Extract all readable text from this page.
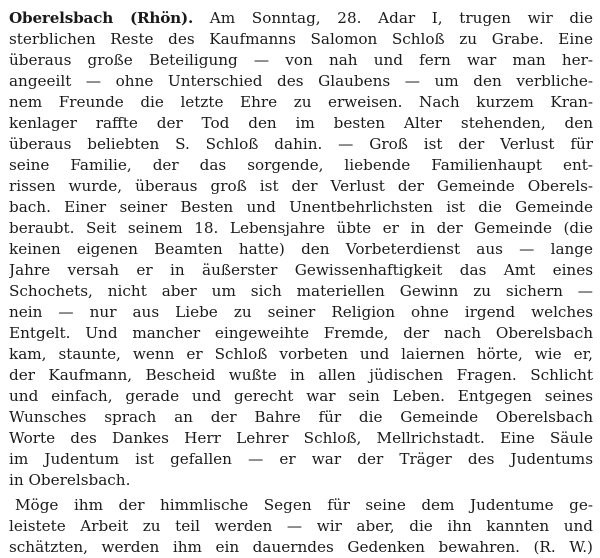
Oberelsbach (Rhön). Am Sonntag, 28. Adar I, trugen wir die
sterblichen Reste des Kaufmanns Salomon Schloß zu Grabe. Eine
überaus große Beteiligung — von nah und fern war man her-
angeeilt — ohne Unterschied des Glaubens — um den verbliche-
nem Freunde die letzte Ehre zu erweisen. Nach kurzem Kran-
kenlager raffte der Tod den im besten Alter stehenden, den
überaus beliebten S. Schloß dahin. — Groß ist der Verlust für
seine Familie, der das sorgende, liebende Familienhaupt ent-
rissen wurde, überaus groß ist der Verlust der Gemeinde Oberels-
bach. Einer seiner Besten und Unentbehrlichsten ist die Gemeinde
beraubt. Seit seinem 18. Lebensjahre übte er in der Gemeinde (die
keinen eigenen Beamten hatte) den Vorbeterdienst aus — lange
Jahre versah er in äußerster Gewissenhaftigkeit das Amt eines
Schochets, nicht aber um sich materiellen Gewinn zu sichern —
nein — nur aus Liebe zu seiner Religion ohne irgend welches
Entgelt. Und mancher eingeweihte Fremde, der nach Oberelsbach
kam, staunte, wenn er Schloß vorbeten und laiernen hörte, wie er,
der Kaufmann, Bescheid wußte in allen jüdischen Fragen. Schlicht
und einfach, gerade und gerecht war sein Leben. Entgegen seines
Wunsches sprach an der Bahre für die Gemeinde Oberelsbach
Worte des Dankes Herr Lehrer Schloß, Mellrichstadt. Eine Säule
im Judentum ist gefallen — er war der Träger des Judentums
in Oberelsbach.
Möge ihm der himmlische Segen für seine dem Judentume ge-
leistete Arbeit zu teil werden — wir aber, die ihn kannten und
schätzten, werden ihm ein dauerndes Gedenken bewahren. (R. W.)
